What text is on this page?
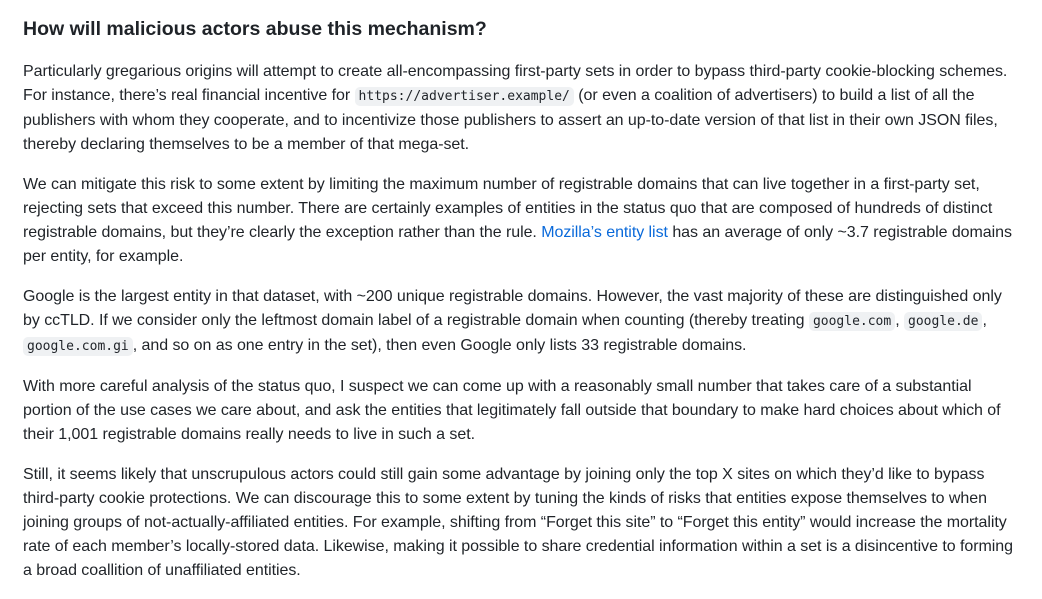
How will malicious actors abuse this mechanism?

Particularly gregarious origins will attempt to create all-encompassing first-party sets in order to bypass third-party cookie-blocking schemes. For instance, there’s real financial incentive for https://advertiser.example/ (or even a coalition of advertisers) to build a list of all the publishers with whom they cooperate, and to incentivize those publishers to assert an up-to-date version of that list in their own JSON files, thereby declaring themselves to be a member of that mega-set.

We can mitigate this risk to some extent by limiting the maximum number of registrable domains that can live together in a first-party set, rejecting sets that exceed this number. There are certainly examples of entities in the status quo that are composed of hundreds of distinct registrable domains, but they’re clearly the exception rather than the rule. Mozilla’s entity list has an average of only ~3.7 registrable domains per entity, for example.

Google is the largest entity in that dataset, with ~200 unique registrable domains. However, the vast majority of these are distinguished only by ccTLD. If we consider only the leftmost domain label of a registrable domain when counting (thereby treating google.com , google.de , google.com.gi , and so on as one entry in the set), then even Google only lists 33 registrable domains.

With more careful analysis of the status quo, I suspect we can come up with a reasonably small number that takes care of a substantial portion of the use cases we care about, and ask the entities that legitimately fall outside that boundary to make hard choices about which of their 1,001 registrable domains really needs to live in such a set.

Still, it seems likely that unscrupulous actors could still gain some advantage by joining only the top X sites on which they’d like to bypass third-party cookie protections. We can discourage this to some extent by tuning the kinds of risks that entities expose themselves to when joining groups of not-actually-affiliated entities. For example, shifting from “Forget this site” to “Forget this entity” would increase the mortality rate of each member’s locally-stored data. Likewise, making it possible to share credential information within a set is a disincentive to forming a broad coallition of unaffiliated entities.
